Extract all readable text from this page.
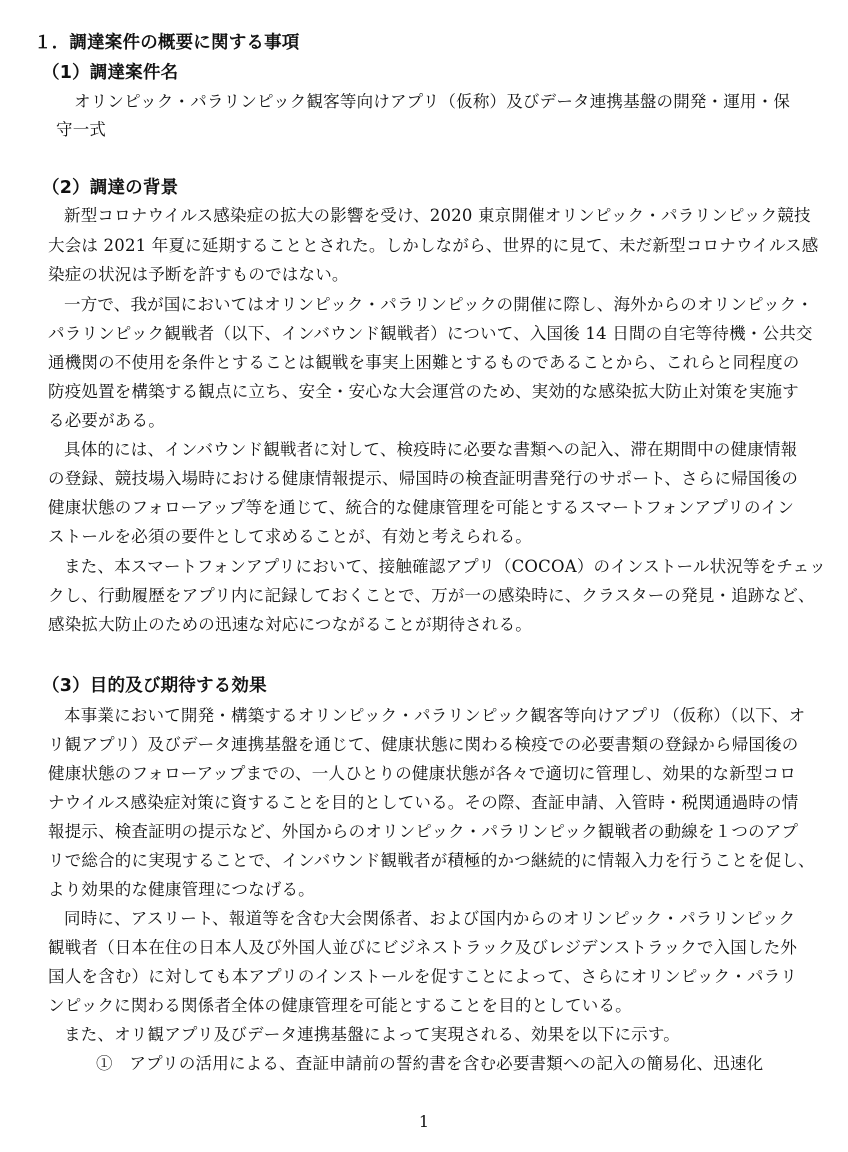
１．調達案件の概要に関する事項
（1）調達案件名
オリンピック・パラリンピック観客等向けアプリ（仮称）及びデータ連携基盤の開発・運用・保
守一式
（2）調達の背景
新型コロナウイルス感染症の拡大の影響を受け、2020 東京開催オリンピック・パラリンピック競技
大会は 2021 年夏に延期することとされた。しかしながら、世界的に見て、未だ新型コロナウイルス感
染症の状況は予断を許すものではない。
一方で、我が国においてはオリンピック・パラリンピックの開催に際し、海外からのオリンピック・
パラリンピック観戦者（以下、インバウンド観戦者）について、入国後 14 日間の自宅等待機・公共交
通機関の不使用を条件とすることは観戦を事実上困難とするものであることから、これらと同程度の
防疫処置を構築する観点に立ち、安全・安心な大会運営のため、実効的な感染拡大防止対策を実施す
る必要がある。
具体的には、インバウンド観戦者に対して、検疫時に必要な書類への記入、滞在期間中の健康情報
の登録、競技場入場時における健康情報提示、帰国時の検査証明書発行のサポート、さらに帰国後の
健康状態のフォローアップ等を通じて、統合的な健康管理を可能とするスマートフォンアプリのイン
ストールを必須の要件として求めることが、有効と考えられる。
また、本スマートフォンアプリにおいて、接触確認アプリ（COCOA）のインストール状況等をチェッ
クし、行動履歴をアプリ内に記録しておくことで、万が一の感染時に、クラスターの発見・追跡など、
感染拡大防止のための迅速な対応につながることが期待される。
（3）目的及び期待する効果
本事業において開発・構築するオリンピック・パラリンピック観客等向けアプリ（仮称）（以下、オ
リ観アプリ）及びデータ連携基盤を通じて、健康状態に関わる検疫での必要書類の登録から帰国後の
健康状態のフォローアップまでの、一人ひとりの健康状態が各々で適切に管理し、効果的な新型コロ
ナウイルス感染症対策に資することを目的としている。その際、査証申請、入管時・税関通過時の情
報提示、検査証明の提示など、外国からのオリンピック・パラリンピック観戦者の動線を１つのアプ
リで総合的に実現することで、インバウンド観戦者が積極的かつ継続的に情報入力を行うことを促し、
より効果的な健康管理につなげる。
同時に、アスリート、報道等を含む大会関係者、および国内からのオリンピック・パラリンピック
観戦者（日本在住の日本人及び外国人並びにビジネストラック及びレジデンストラックで入国した外
国人を含む）に対しても本アプリのインストールを促すことによって、さらにオリンピック・パラリ
ンピックに関わる関係者全体の健康管理を可能とすることを目的としている。
また、オリ観アプリ及びデータ連携基盤によって実現される、効果を以下に示す。
①　アプリの活用による、査証申請前の誓約書を含む必要書類への記入の簡易化、迅速化
1
